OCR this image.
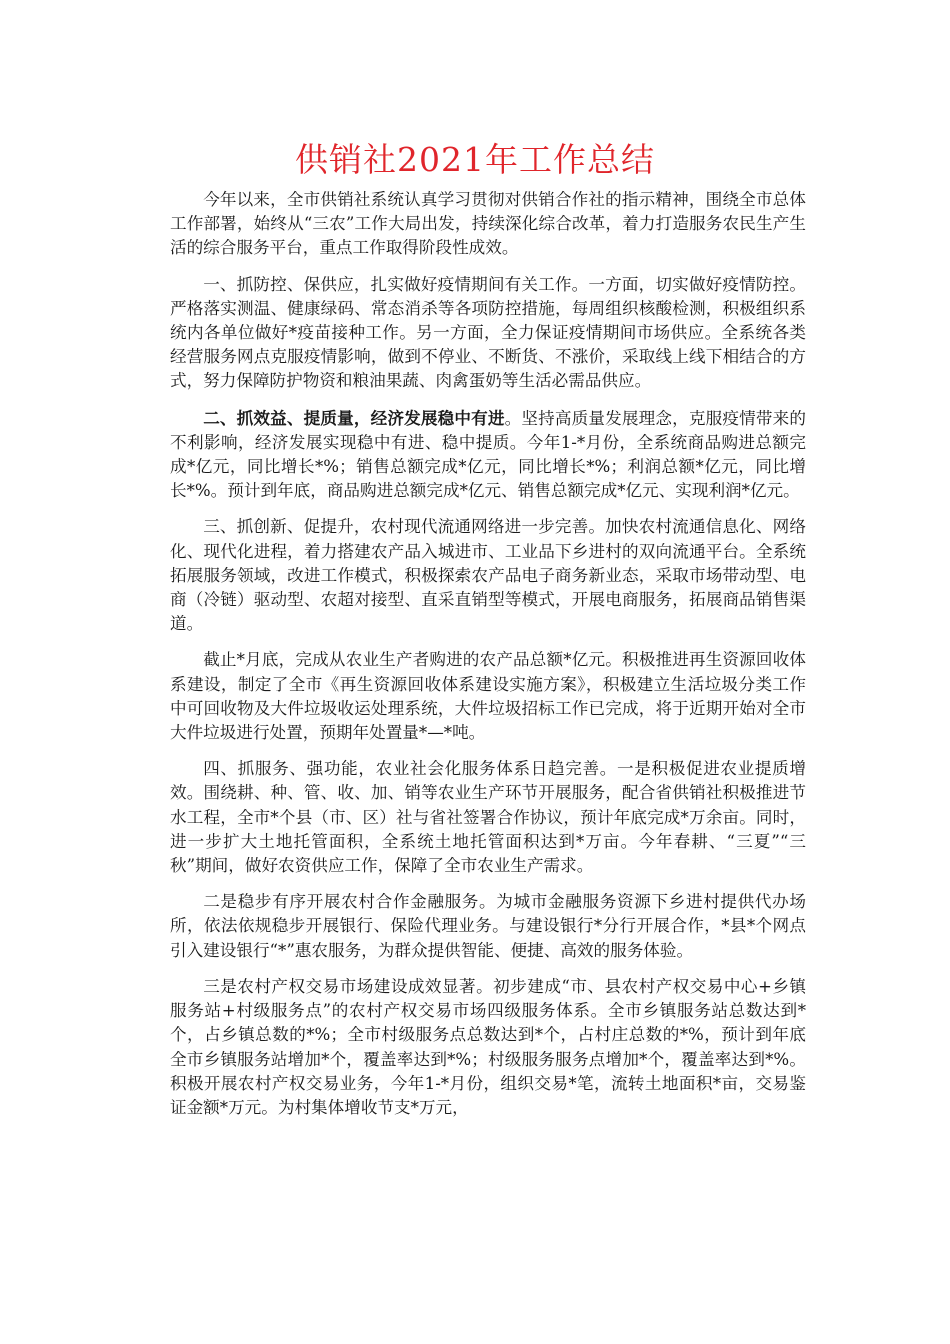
供销社2021年工作总结

今年以来，全市供销社系统认真学习贯彻对供销合作社的指示精神，围绕全市总体工作部署，始终从“三农”工作大局出发，持续深化综合改革，着力打造服务农民生产生活的综合服务平台，重点工作取得阶段性成效。

一、抓防控、保供应，扎实做好疫情期间有关工作。一方面，切实做好疫情防控。严格落实测温、健康绿码、常态消杀等各项防控措施，每周组织核酸检测，积极组织系统内各单位做好*疫苗接种工作。另一方面，全力保证疫情期间市场供应。全系统各类经营服务网点克服疫情影响，做到不停业、不断货、不涨价，采取线上线下相结合的方式，努力保障防护物资和粮油果蔬、肉禽蛋奶等生活必需品供应。

二、抓效益、提质量，经济发展稳中有进。坚持高质量发展理念，克服疫情带来的不利影响，经济发展实现稳中有进、稳中提质。今年1-*月份，全系统商品购进总额完成*亿元，同比增长*%；销售总额完成*亿元，同比增长*%；利润总额*亿元，同比增长*%。预计到年底，商品购进总额完成*亿元、销售总额完成*亿元、实现利润*亿元。

三、抓创新、促提升，农村现代流通网络进一步完善。加快农村流通信息化、网络化、现代化进程，着力搭建农产品入城进市、工业品下乡进村的双向流通平台。全系统拓展服务领域，改进工作模式，积极探索农产品电子商务新业态，采取市场带动型、电商（冷链）驱动型、农超对接型、直采直销型等模式，开展电商服务，拓展商品销售渠道。

截止*月底，完成从农业生产者购进的农产品总额*亿元。积极推进再生资源回收体系建设，制定了全市《再生资源回收体系建设实施方案》，积极建立生活垃圾分类工作中可回收物及大件垃圾收运处理系统，大件垃圾招标工作已完成，将于近期开始对全市大件垃圾进行处置，预期年处置量*—*吨。

四、抓服务、强功能，农业社会化服务体系日趋完善。一是积极促进农业提质增效。围绕耕、种、管、收、加、销等农业生产环节开展服务，配合省供销社积极推进节水工程，全市*个县（市、区）社与省社签署合作协议，预计年底完成*万余亩。同时，进一步扩大土地托管面积，全系统土地托管面积达到*万亩。今年春耕、“三夏”“三秋”期间，做好农资供应工作，保障了全市农业生产需求。

二是稳步有序开展农村合作金融服务。为城市金融服务资源下乡进村提供代办场所，依法依规稳步开展银行、保险代理业务。与建设银行*分行开展合作，*县*个网点引入建设银行“*”惠农服务，为群众提供智能、便捷、高效的服务体验。

三是农村产权交易市场建设成效显著。初步建成“市、县农村产权交易中心+乡镇服务站+村级服务点”的农村产权交易市场四级服务体系。全市乡镇服务站总数达到*个，占乡镇总数的*%；全市村级服务点总数达到*个，占村庄总数的*%，预计到年底全市乡镇服务站增加*个，覆盖率达到*%；村级服务服务点增加*个，覆盖率达到*%。积极开展农村产权交易业务，今年1-*月份，组织交易*笔，流转土地面积*亩，交易鉴证金额*万元。为村集体增收节支*万元，
